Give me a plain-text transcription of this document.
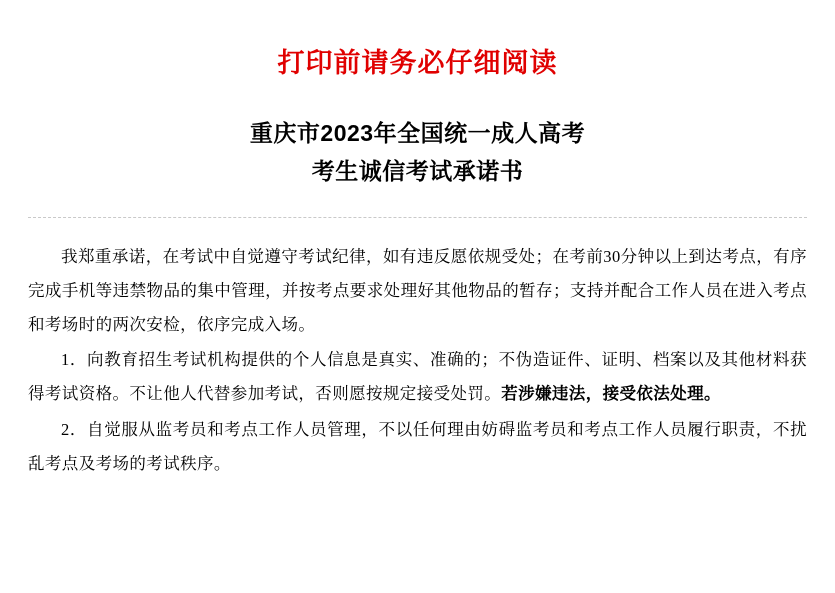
打印前请务必仔细阅读
重庆市2023年全国统一成人高考
考生诚信考试承诺书

我郑重承诺，在考试中自觉遵守考试纪律，如有违反愿依规受处；在考前30分钟以上到达考点，有序完成手机等违禁物品的集中管理，并按考点要求处理好其他物品的暂存；支持并配合工作人员在进入考点和考场时的两次安检，依序完成入场。

1．向教育招生考试机构提供的个人信息是真实、准确的；不伪造证件、证明、档案以及其他材料获得考试资格。不让他人代替参加考试，否则愿按规定接受处罚。若涉嫌违法，接受依法处理。

2．自觉服从监考员和考点工作人员管理，不以任何理由妨碍监考员和考点工作人员履行职责，不扰乱考点及考场的考试秩序。
